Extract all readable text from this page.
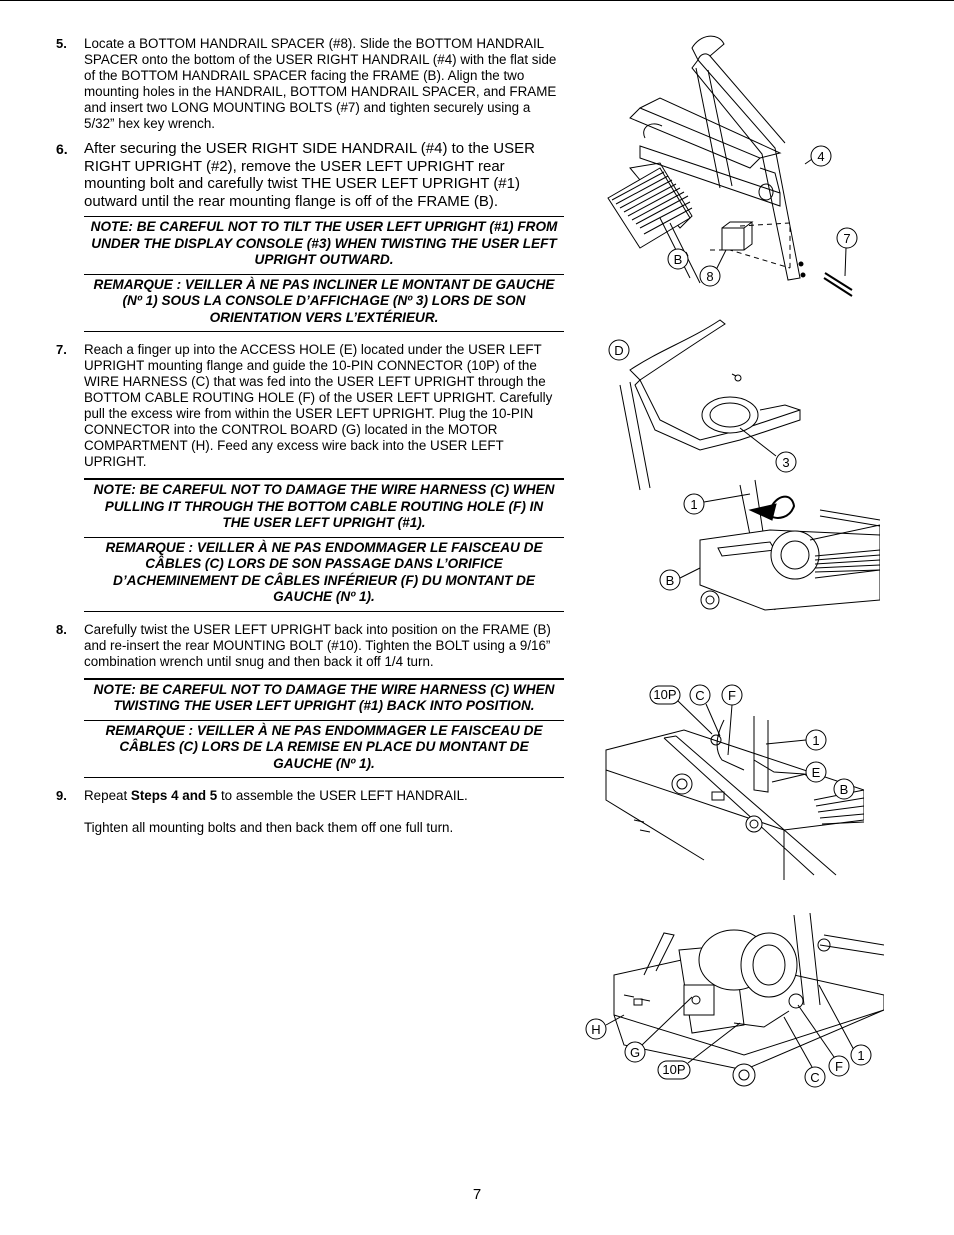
5. Locate a BOTTOM HANDRAIL SPACER (#8). Slide the BOTTOM HANDRAIL SPACER onto the bottom of the USER RIGHT HANDRAIL (#4) with the flat side of the BOTTOM HANDRAIL SPACER facing the FRAME (B). Align the two mounting holes in the HANDRAIL, BOTTOM HANDRAIL SPACER, and FRAME and insert two LONG MOUNTING BOLTS (#7) and tighten securely using a 5/32” hex key wrench.
6. After securing the USER RIGHT SIDE HANDRAIL (#4) to the USER RIGHT UPRIGHT (#2), remove the USER LEFT UPRIGHT rear mounting bolt and carefully twist THE USER LEFT UPRIGHT (#1) outward until the rear mounting flange is off of the FRAME (B).
NOTE: BE CAREFUL NOT TO TILT THE USER LEFT UPRIGHT (#1) FROM UNDER THE DISPLAY CONSOLE (#3) WHEN TWISTING THE USER LEFT UPRIGHT OUTWARD.
REMARQUE : VEILLER À NE PAS INCLINER LE MONTANT DE GAUCHE (Nº 1) SOUS LA CONSOLE D’AFFICHAGE (Nº 3) LORS DE SON ORIENTATION VERS L’EXTÉRIEUR.
7. Reach a finger up into the ACCESS HOLE (E) located under the USER LEFT UPRIGHT mounting flange and guide the 10-PIN CONNECTOR (10P) of the WIRE HARNESS (C) that was fed into the USER LEFT UPRIGHT through the BOTTOM CABLE ROUTING HOLE (F) of the USER LEFT UPRIGHT. Carefully pull the excess wire from within the USER LEFT UPRIGHT. Plug the 10-PIN CONNECTOR into the CONTROL BOARD (G) located in the MOTOR COMPARTMENT (H). Feed any excess wire back into the USER LEFT UPRIGHT.
NOTE: BE CAREFUL NOT TO DAMAGE THE WIRE HARNESS (C) WHEN PULLING IT THROUGH THE BOTTOM CABLE ROUTING HOLE (F) IN THE USER LEFT UPRIGHT (#1).
REMARQUE : VEILLER À NE PAS ENDOMMAGER LE FAISCEAU DE CÂBLES (C) LORS DE SON PASSAGE DANS L’ORIFICE D’ACHEMINEMENT DE CÂBLES INFÉRIEUR (F) DU MONTANT DE GAUCHE (Nº 1).
8. Carefully twist the USER LEFT UPRIGHT back into position on the FRAME (B) and re-insert the rear MOUNTING BOLT (#10). Tighten the BOLT using a 9/16” combination wrench until snug and then back it off 1/4 turn.
NOTE: BE CAREFUL NOT TO DAMAGE THE WIRE HARNESS (C) WHEN TWISTING THE USER LEFT UPRIGHT (#1) BACK INTO POSITION.
REMARQUE : VEILLER À NE PAS ENDOMMAGER LE FAISCEAU DE CÂBLES (C) LORS DE LA REMISE EN PLACE DU MONTANT DE GAUCHE (Nº 1).
9. Repeat Steps 4 and 5 to assemble the USER LEFT HANDRAIL.
Tighten all mounting bolts and then back them off one full turn.
4
7
B
8
D
3
1
B
10P C F
1
E
B
H
G
10P
C
F
1
7
